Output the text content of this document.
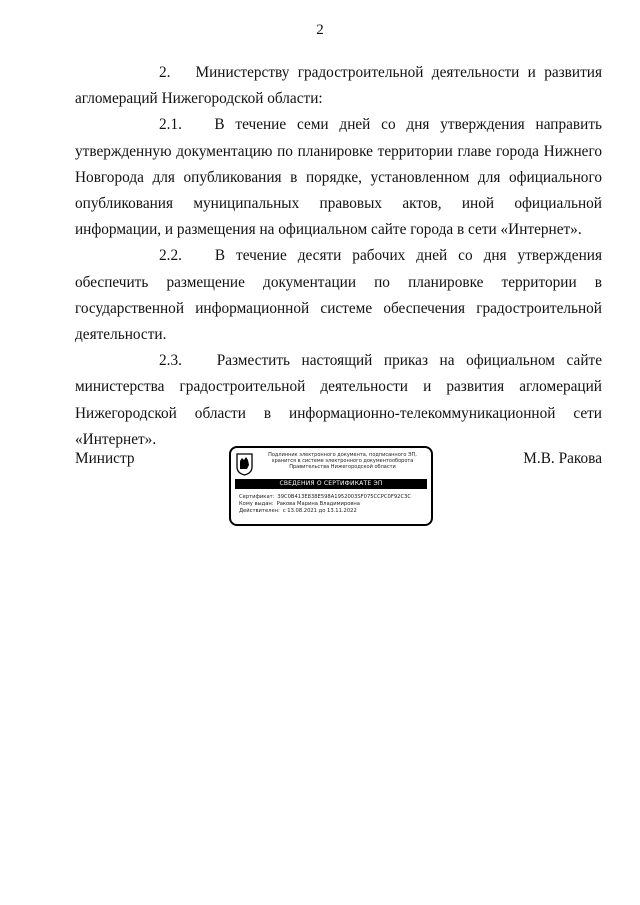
2

2. Министерству градостроительной деятельности и развития агломераций Нижегородской области:

2.1. В течение семи дней со дня утверждения направить утвержденную документацию по планировке территории главе города Нижнего Новгорода для опубликования в порядке, установленном для официального опубликования муниципальных правовых актов, иной официальной информации, и размещения на официальном сайте города в сети «Интернет».

2.2. В течение десяти рабочих дней со дня утверждения обеспечить размещение документации по планировке территории в государственной информационной системе обеспечения градостроительной деятельности.

2.3. Разместить настоящий приказ на официальном сайте министерства градостроительной деятельности и развития агломераций Нижегородской области в информационно-телекоммуникационной сети «Интернет».

Министр	М.В. Ракова
Подлинник электронного документа, подписанного ЭП,
хранится в системе электронного документооборота
Правительства Нижегородской области
СВЕДЕНИЯ О СЕРТИФИКАТЕ ЭП
Сертификат: 39C0B413E838E598A1952003SF075CCPC0F92C3C
Кому выдан: Ракова Марина Владимировна
Действителен: с 13.08.2021 до 13.11.2022
